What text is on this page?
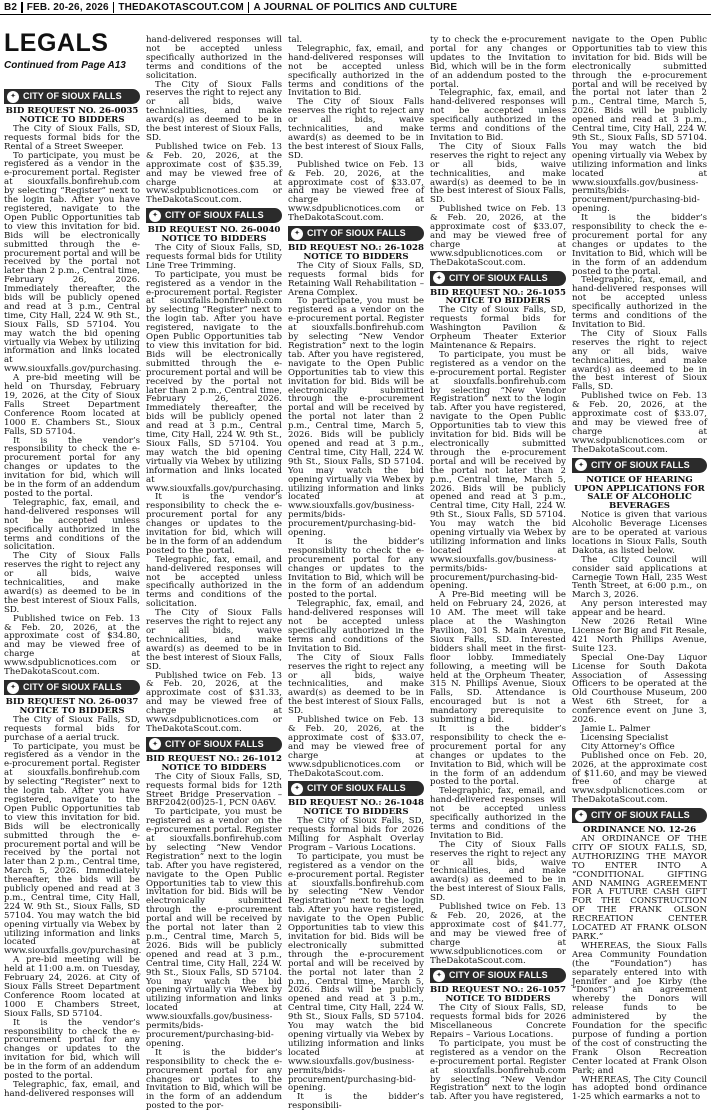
B2 FEB. 20-26, 2026 THEDAKOTASCOUT.COM A JOURNAL OF POLITICS AND CULTURE
LEGALS
Continued from Page A13
✦ CITY OF SIOUX FALLS

BID REQUEST NO. 26-0035

NOTICE TO BIDDERS

The City of Sioux Falls, SD, requests formal bids for the Rental of a Street Sweeper.

To participate, you must be registered as a vendor in the e-procurement portal. Register at siouxfalls.bonfirehub.com by selecting “Register” next to the login tab. After you have registered, navigate to the Open Public Opportunities tab to view this invitation for bid. Bids will be electronically submitted through the e-procurement portal and will be received by the portal not later than 2 p.m., Central time, February 26, 2026. Immediately thereafter, the bids will be publicly opened and read at 3 p.m., Central time, City Hall, 224 W. 9th St., Sioux Falls, SD 57104. You may watch the bid opening virtually via Webex by utilizing information and links located at www.siouxfalls.gov/purchasing.

A pre-bid meeting will be held on Thursday, February 19, 2026, at the City of Sioux Falls Street Department Conference Room located at 1000 E. Chambers St., Sioux Falls, SD 57104.

It is the vendor’s responsibility to check the e-procurement portal for any changes or updates to the invitation for bid, which will be in the form of an addendum posted to the portal.

Telegraphic, fax, email, and hand-delivered responses will not be accepted unless specifically authorized in the terms and conditions of the solicitation.

The City of Sioux Falls reserves the right to reject any or all bids, waive technicalities, and make award(s) as deemed to be in the best interest of Sioux Falls, SD.

Published twice on Feb. 13 & Feb. 20, 2026, at the approximate cost of $34.80, and may be viewed free of charge at www.sdpublicnotices.com or TheDakotaScout.com.

✦ CITY OF SIOUX FALLS

BID REQUEST NO. 26-0037

NOTICE TO BIDDERS

The City of Sioux Falls, SD, requests formal bids for purchase of a aerial truck.

To participate, you must be registered as a vendor in the e-procurement portal. Register at siouxfalls.bonfirehub.com by selecting “Register” next to the login tab. After you have registered, navigate to the Open Public Opportunities tab to view this invitation for bid. Bids will be electronically submitted through the e-procurement portal and will be received by the portal not later than 2 p.m., Central time, March 5, 2026. Immediately thereafter, the bids will be publicly opened and read at 3 p.m., Central time, City Hall, 224 W. 9th St., Sioux Falls, SD 57104. You may watch the bid opening virtually via Webex by utilizing information and links located at www.siouxfalls.gov/purchasing.

A pre-bid meeting will be held at 11:00 a.m. on Tuesday, February 24, 2026. at City of Sioux Falls Street Department Conference Room located at 1000 E Chambers Street, Sioux Falls, SD 57104.

It is the vendor’s responsibility to check the e-procurement portal for any changes or updates to the invitation for bid, which will be in the form of an addendum posted to the portal.

Telegraphic, fax, email, and hand-delivered responses will

hand-delivered responses will not be accepted unless specifically authorized in the terms and conditions of the solicitation.

The City of Sioux Falls reserves the right to reject any or all bids, waive technicalities, and make award(s) as deemed to be in the best interest of Sioux Falls, SD.

Published twice on Feb. 13 & Feb. 20, 2026, at the approximate cost of $35.39, and may be viewed free of charge at www.sdpublicnotices.com or TheDakotaScout.com.

✦ CITY OF SIOUX FALLS

BID REQUEST NO. 26-0040

NOTICE TO BIDDERS

The City of Sioux Falls, SD, requests formal bids for Utility Line Tree Trimming.

To participate, you must be registered as a vendor in the e-procurement portal. Register at siouxfalls.bonfirehub.com by selecting “Register” next to the login tab. After you have registered, navigate to the Open Public Opportunities tab to view this invitation for bid. Bids will be electronically submitted through the e-procurement portal and will be received by the portal not later than 2 p.m., Central time, February 26, 2026. Immediately thereafter, the bids will be publicly opened and read at 3 p.m., Central time, City Hall, 224 W. 9th St., Sioux Falls, SD 57104. You may watch the bid opening virtually via Webex by utilizing information and links located at www.siouxfalls.gov/purchasing.

It is the vendor’s responsibility to check the e-procurement portal for any changes or updates to the invitation for bid, which will be in the form of an addendum posted to the portal.

Telegraphic, fax, email, and hand-delivered responses will not be accepted unless specifically authorized in the terms and conditions of the solicitation.

The City of Sioux Falls reserves the right to reject any or all bids, waive technicalities, and make award(s) as deemed to be in the best interest of Sioux Falls, SD.

Published twice on Feb. 13 & Feb. 20, 2026, at the approximate cost of $31.33, and may be viewed free of charge at www.sdpublicnotices.com or TheDakotaScout.com.

✦ CITY OF SIOUX FALLS

BID REQUEST NO.: 26-1012

NOTICE TO BIDDERS

The City of Sioux Falls, SD, requests formal bids for 12th Street Bridge Preservation – BRF2042(00)25-1, PCN 0A6V.

To participate, you must be registered as a vendor on the e-procurement portal. Register at siouxfalls.bonfirehub.com by selecting “New Vendor Registration” next to the login tab. After you have registered, navigate to the Open Public Opportunities tab to view this invitation for bid. Bids will be electronically submitted through the e-procurement portal and will be received by the portal not later than 2 p.m., Central time, March 5, 2026. Bids will be publicly opened and read at 3 p.m., Central time, City Hall, 224 W. 9th St., Sioux Falls, SD 57104. You may watch the bid opening virtually via Webex by utilizing information and links located at www.siouxfalls.gov/business-permits/bids-procurement/purchasing-bid-opening.

It is the bidder’s responsibility to check the e-procurement portal for any changes or updates to the Invitation to Bid, which will be in the form of an addendum posted to the por-

tal.

Telegraphic, fax, email, and hand-delivered responses will not be accepted unless specifically authorized in the terms and conditions of the Invitation to Bid.

The City of Sioux Falls reserves the right to reject any or all bids, waive technicalities, and make award(s) as deemed to be in the best interest of Sioux Falls, SD.

Published twice on Feb. 13 & Feb. 20, 2026, at the approximate cost of $33.07, and may be viewed free of charge at www.sdpublicnotices.com or TheDakotaScout.com.

✦ CITY OF SIOUX FALLS

BID REQUEST NO.: 26-1028

NOTICE TO BIDDERS

The City of Sioux Falls, SD, requests formal bids for Retaining Wall Rehabilitation – Arena Complex.

To participate, you must be registered as a vendor on the e-procurement portal. Register at siouxfalls.bonfirehub.com by selecting “New Vendor Registration” next to the login tab. After you have registered, navigate to the Open Public Opportunities tab to view this invitation for bid. Bids will be electronically submitted through the e-procurement portal and will be received by the portal not later than 2 p.m., Central time, March 5, 2026. Bids will be publicly opened and read at 3 p.m., Central time, City Hall, 224 W. 9th St., Sioux Falls, SD 57104. You may watch the bid opening virtually via Webex by utilizing information and links located at www.siouxfalls.gov/business-permits/bids-procurement/purchasing-bid-opening.

It is the bidder’s responsibility to check the e-procurement portal for any changes or updates to the Invitation to Bid, which will be in the form of an addendum posted to the portal.

Telegraphic, fax, email, and hand-delivered responses will not be accepted unless specifically authorized in the terms and conditions of the Invitation to Bid.

The City of Sioux Falls reserves the right to reject any or all bids, waive technicalities, and make award(s) as deemed to be in the best interest of Sioux Falls, SD.

Published twice on Feb. 13 & Feb. 20, 2026, at the approximate cost of $33.07, and may be viewed free of charge at www.sdpublicnotices.com or TheDakotaScout.com.

✦ CITY OF SIOUX FALLS

BID REQUEST NO.: 26-1048

NOTICE TO BIDDERS

The City of Sioux Falls, SD, requests formal bids for 2026 Milling for Asphalt Overlay Program – Various Locations.

To participate, you must be registered as a vendor on the e-procurement portal. Register at siouxfalls.bonfirehub.com by selecting “New Vendor Registration” next to the login tab. After you have registered, navigate to the Open Public Opportunities tab to view this invitation for bid. Bids will be electronically submitted through the e-procurement portal and will be received by the portal not later than 2 p.m., Central time, March 5, 2026. Bids will be publicly opened and read at 3 p.m., Central time, City Hall, 224 W. 9th St., Sioux Falls, SD 57104. You may watch the bid opening virtually via Webex by utilizing information and links located at www.siouxfalls.gov/business-permits/bids-procurement/purchasing-bid-opening.

It is the bidder’s responsibili-

ty to check the e-procurement portal for any changes or updates to the Invitation to Bid, which will be in the form of an addendum posted to the portal.

Telegraphic, fax, email, and hand-delivered responses will not be accepted unless specifically authorized in the terms and conditions of the Invitation to Bid.

The City of Sioux Falls reserves the right to reject any or all bids, waive technicalities, and make award(s) as deemed to be in the best interest of Sioux Falls, SD.

Published twice on Feb. 13 & Feb. 20, 2026, at the approximate cost of $33.07, and may be viewed free of charge at www.sdpublicnotices.com or TheDakotaScout.com.

✦ CITY OF SIOUX FALLS

BID REQUEST NO.: 26-1055

NOTICE TO BIDDERS

The City of Sioux Falls, SD, requests formal bids for Washington Pavilion & Orpheum Theater Exterior Maintenance & Repairs.

To participate, you must be registered as a vendor on the e-procurement portal. Register at siouxfalls.bonfirehub.com by selecting “New Vendor Registration” next to the login tab. After you have registered, navigate to the Open Public Opportunities tab to view this invitation for bid. Bids will be electronically submitted through the e-procurement portal and will be received by the portal not later than 2 p.m., Central time, March 5, 2026. Bids will be publicly opened and read at 3 p.m., Central time, City Hall, 224 W. 9th St., Sioux Falls, SD 57104. You may watch the bid opening virtually via Webex by utilizing information and links located at www.siouxfalls.gov/business-permits/bids-procurement/purchasing-bid-opening.

A Pre-Bid meeting will be held on February 24, 2026, at 10 AM. The meet will take place at the Washington Pavilion, 301 S. Main Avenue, Sioux Falls, SD. Interested bidders shall meet in the first-floor lobby. Immediately following, a meeting will be held at the Orpheum Theater, 315 N. Phillips Avenue, Sioux Falls, SD. Attendance is encouraged but is not a mandatory prerequisite to submitting a bid.

It is the bidder’s responsibility to check the e-procurement portal for any changes or updates to the Invitation to Bid, which will be in the form of an addendum posted to the portal.

Telegraphic, fax, email, and hand-delivered responses will not be accepted unless specifically authorized in the terms and conditions of the Invitation to Bid.

The City of Sioux Falls reserves the right to reject any or all bids, waive technicalities, and make award(s) as deemed to be in the best interest of Sioux Falls, SD.

Published twice on Feb. 13 & Feb. 20, 2026, at the approximate cost of $41.77, and may be viewed free of charge at www.sdpublicnotices.com or TheDakotaScout.com.

✦ CITY OF SIOUX FALLS

BID REQUEST NO.: 26-1057

NOTICE TO BIDDERS

The City of Sioux Falls, SD, requests formal bids for 2026 Miscellaneous Concrete Repairs – Various Locations.

To participate, you must be registered as a vendor on the e-procurement portal. Register at siouxfalls.bonfirehub.com by selecting “New Vendor Registration” next to the login tab. After you have registered,

navigate to the Open Public Opportunities tab to view this invitation for bid. Bids will be electronically submitted through the e-procurement portal and will be received by the portal not later than 2 p.m., Central time, March 5, 2026. Bids will be publicly opened and read at 3 p.m., Central time, City Hall, 224 W. 9th St., Sioux Falls, SD 57104. You may watch the bid opening virtually via Webex by utilizing information and links located at www.siouxfalls.gov/business-permits/bids-procurement/purchasing-bid-opening.

It is the bidder’s responsibility to check the e-procurement portal for any changes or updates to the Invitation to Bid, which will be in the form of an addendum posted to the portal.

Telegraphic, fax, email, and hand-delivered responses will not be accepted unless specifically authorized in the terms and conditions of the Invitation to Bid.

The City of Sioux Falls reserves the right to reject any or all bids, waive technicalities, and make award(s) as deemed to be in the best interest of Sioux Falls, SD.

Published twice on Feb. 13 & Feb. 20, 2026, at the approximate cost of $33.07, and may be viewed free of charge at www.sdpublicnotices.com or TheDakotaScout.com.

✦ CITY OF SIOUX FALLS

NOTICE OF HEARING UPON APPLICATIONS FOR SALE OF ALCOHOLIC BEVERAGES

Notice is given that various Alcoholic Beverage Licenses are to be operated at various locations in Sioux Falls, South Dakota, as listed below.

The City Council will consider said applications at Carnegie Town Hall, 235 West Tenth Street, at 6:00 p.m., on March 3, 2026.

Any person interested may appear and be heard.

New 2026 Retail Wine License for Big and Fit Resale, 421 North Phillips Avenue, Suite 123.

Special One-Day Liquor License for South Dakota Association of Assessing Officers to be operated at the Old Courthouse Museum, 200 West 6th Street, for a conference event on June 3, 2026.

Jamie L. Palmer

Licensing Specialist

City Attorney’s Office

Published once on Feb. 20, 2026, at the approximate cost of $11.60, and may be viewed free of charge at www.sdpublicnotices.com or TheDakotaScout.com.

✦ CITY OF SIOUX FALLS

ORDINANCE NO. 12-26

AN ORDINANCE OF THE CITY OF SIOUX FALLS, SD, AUTHORIZING THE MAYOR TO ENTER INTO A “CONDITIONAL GIFTING AND NAMING AGREEMENT FOR A FUTURE CASH GIFT FOR THE CONSTRUCTION OF THE FRANK OLSON RECREATION CENTER LOCATED AT FRANK OLSON PARK.”

WHEREAS, the Sioux Falls Area Community Foundation (the “Foundation”) has separately entered into with Jennifer and Joe Kirby (the “Donors”) an agreement whereby the Donors will release funds to be administered by the Foundation for the specific purpose of funding a portion of the cost of constructing the Frank Olson Recreation Center located at Frank Olson Park; and

WHEREAS, The City Council has adopted bond ordinance 1-25 which earmarks a not to
